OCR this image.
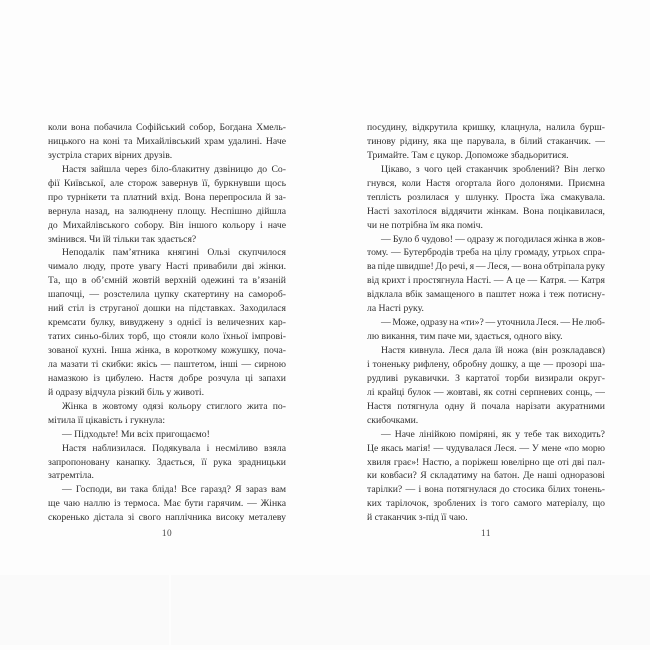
коли вона побачила Софійський собор, Богдана Хмель-
ницького на коні та Михайлівський храм удалині. Наче
зустріла старих вірних друзів.
Настя зайшла через біло-блакитну дзвіницю до Со-
фії Київської, але сторож завернув її, буркнувши щось
про турнікети та платний вхід. Вона перепросила й за-
вернула назад, на залюднену площу. Неспішно дійшла
до Михайлівського собору. Він іншого кольору і наче
змінився. Чи їй тільки так здається?
Неподалік пам’ятника княгині Ользі скупчилося
чимало люду, проте увагу Насті привабили дві жінки.
Та, що в об’ємній жовтій верхній одежині та в’язаній
шапочці, — розстелила цупку скатертину на самороб-
ний стіл із струганої дошки на підставках. Заходилася
кремсати булку, вивуджену з однієї із величезних кар-
татих синьо-білих торб, що стояли коло їхньої імпрові-
зованої кухні. Інша жінка, в короткому кожушку, поча-
ла мазати ті скибки: якісь — паштетом, інші — сирною
намазкою із цибулею. Настя добре розчула ці запахи
й одразу відчула різкий біль у животі.
Жінка в жовтому одязі кольору стиглого жита по-
мітила її цікавість і гукнула:
— Підходьте! Ми всіх пригощаємо!
Настя наблизилася. Подякувала і несміливо взяла
запропоновану канапку. Здається, її рука зрадницьки
затремтіла.
— Господи, ви така бліда! Все гаразд? Я зараз вам
ще чаю наллю із термоса. Має бути гарячим. — Жінка
скоренько дістала зі свого наплічника високу металеву
10
посудину, відкрутила кришку, клацнула, налила бурш-
тинову рідину, яка ще парувала, в білий стаканчик. —
Тримайте. Там є цукор. Допоможе збадьоритися.
Цікаво, з чого цей стаканчик зроблений? Він легко
гнувся, коли Настя огортала його долонями. Приємна
теплість розлилася у шлунку. Проста їжа смакувала.
Насті захотілося віддячити жінкам. Вона поцікавилася,
чи не потрібна їм яка поміч.
— Було б чудово! — одразу ж погодилася жінка в жов-
тому. — Бутербродів треба на цілу громаду, утрьох спра-
ва піде швидше! До речі, я — Леся, — вона обтріпала руку
від крихт і простягнула Насті. — А це — Катря. — Катря
відклала вбік замащеного в паштет ножа і теж потисну-
ла Насті руку.
— Може, одразу на «ти»? — уточнила Леся. — Не люб-
лю викання, тим паче ми, здається, одного віку.
Настя кивнула. Леся дала їй ножа (він розкладався)
і тоненьку рифлену, обробну дошку, а ще — прозорі ша-
рудливі рукавички. З картатої торби визирали округ-
лі крайці булок — жовтаві, як сотні серпневих сонць, —
Настя потягнула одну й почала нарізати акуратними
скибочками.
— Наче лінійкою поміряні, як у тебе так виходить?
Це якась магія! — чудувалася Леся. — У мене «по морю
хвиля грає»! Настю, а поріжеш ювелірно ще оті дві пал-
ки ковбаси? Я складатиму на батон. Де наші одноразові
тарілки? — і вона потягнулася до стосика білих тонень-
ких тарілочок, зроблених із того самого матеріалу, що
й стаканчик з-під її чаю.
11
